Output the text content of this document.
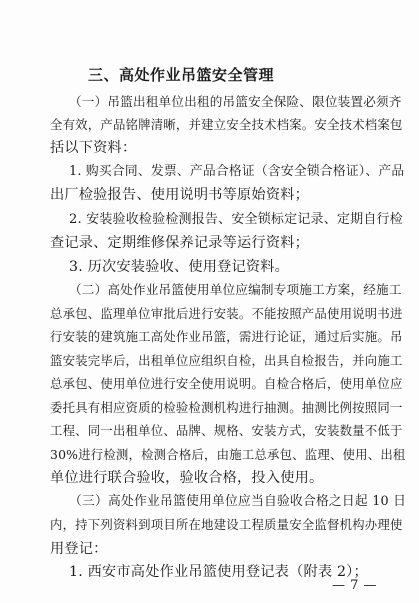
三、高处作业吊篮安全管理
（一）吊篮出租单位出租的吊篮安全保险、限位装置必须齐
全有效，产品铭牌清晰，并建立安全技术档案。安全技术档案包
括以下资料：
1. 购买合同、发票、产品合格证（含安全锁合格证）、产品
出厂检验报告、使用说明书等原始资料；
2. 安装验收检验检测报告、安全锁标定记录、定期自行检
查记录、定期维修保养记录等运行资料；
3. 历次安装验收、使用登记资料。
（二）高处作业吊篮使用单位应编制专项施工方案，经施工
总承包、监理单位审批后进行安装。不能按照产品使用说明书进
行安装的建筑施工高处作业吊篮，需进行论证，通过后实施。吊
篮安装完毕后，出租单位应组织自检，出具自检报告，并向施工
总承包、使用单位进行安全使用说明。自检合格后，使用单位应
委托具有相应资质的检验检测机构进行抽测。抽测比例按照同一
工程、同一出租单位、品牌、规格、安装方式，安装数量不低于
30%进行检测，检测合格后，由施工总承包、监理、使用、出租
单位进行联合验收，验收合格，投入使用。
（三）高处作业吊篮使用单位应当自验收合格之日起 10 日
内，持下列资料到项目所在地建设工程质量安全监督机构办理使
用登记：
1. 西安市高处作业吊篮使用登记表（附表 2）；
— 7 —
